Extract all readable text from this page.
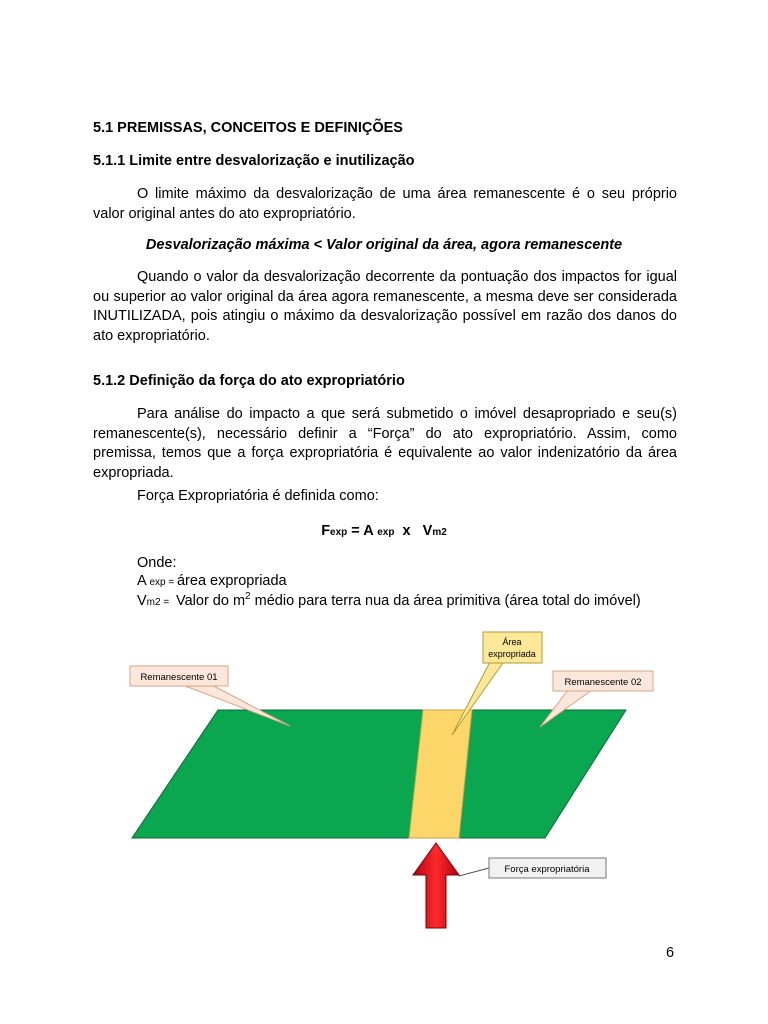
5.1 PREMISSAS, CONCEITOS E DEFINIÇÕES
5.1.1 Limite entre desvalorização e inutilização

O limite máximo da desvalorização de uma área remanescente é o seu próprio valor original antes do ato expropriatório.

Desvalorização máxima < Valor original da área, agora remanescente

Quando o valor da desvalorização decorrente da pontuação dos impactos for igual ou superior ao valor original da área agora remanescente, a mesma deve ser considerada INUTILIZADA, pois atingiu o máximo da desvalorização possível em razão dos danos do ato expropriatório.

5.1.2 Definição da força do ato expropriatório

Para análise do impacto a que será submetido o imóvel desapropriado e seu(s) remanescente(s), necessário definir a “Força” do ato expropriatório. Assim, como premissa, temos que a força expropriatória é equivalente ao valor indenizatório da área expropriada.

Força Expropriatória é definida como:
Fexp = A exp  x   Vm2
Onde:
A exp = área expropriada
Vm2 =  Valor do $m^2$ médio para terra nua da área primitiva (área total do imóvel)
Remanescente 01	Remanescente 02
Área
expropriada
Força expropriatória
6
